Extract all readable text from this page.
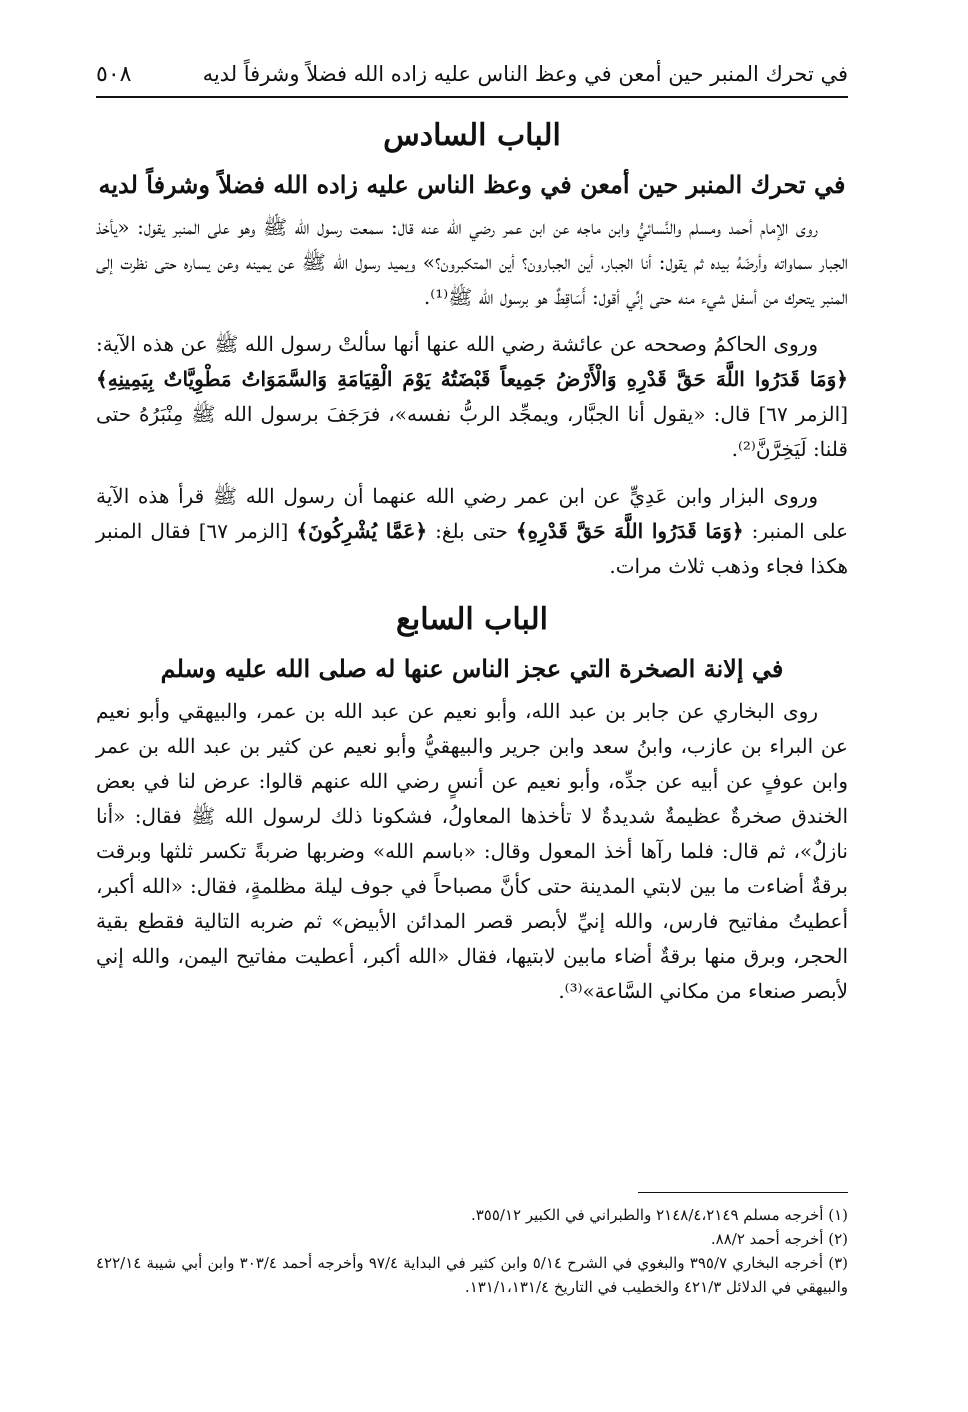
في تحرك المنبر حين أمعن في وعظ الناس عليه زاده الله فضلاً وشرفاً لديه
٥٠٨
الباب السادس
في تحرك المنبر حين أمعن في وعظ الناس عليه زاده الله فضلاً وشرفاً لديه

روى الإمام أحمد ومسلم والنَّسائيُّ وابن ماجه عن ابن عمر رضي الله عنه قال: سمعت رسول الله ﷺ وهو على المنبر يقول: «يأخذ الجبار سماواته وأرضَهُ بيده ثم يقول: أنا الجبار، أين الجبارون؟ أين المتكبرون؟» ويميد رسول الله ﷺ عن يمينه وعن يساره حتى نظرت إلى المنبر يتحرك من أسفل شيء منه حتى إنِّي أقول: أَسَاقِطٌ هو برسول الله ﷺ⁽¹⁾.

وروى الحاكمُ وصححه عن عائشة رضي الله عنها أنها سألتْ رسول الله ﷺ عن هذه الآية: ﴿وَمَا قَدَرُوا اللَّهَ حَقَّ قَدْرِهِ وَالْأَرْضُ جَمِيعاً قَبْضَتُهُ يَوْمَ الْقِيَامَةِ وَالسَّمَوَاتُ مَطْوِيَّاتٌ بِيَمِينِهِ﴾ [الزمر ٦٧] قال: «يقول أنا الجبَّار، ويمجِّد الربُّ نفسه»، فرَجَفَ برسول الله ﷺ مِنْبَرُهُ حتى قلنا: لَيَخِرَّنَّ⁽²⁾.

وروى البزار وابن عَدِيٍّ عن ابن عمر رضي الله عنهما أن رسول الله ﷺ قرأ هذه الآية على المنبر: ﴿وَمَا قَدَرُوا اللَّهَ حَقَّ قَدْرِهِ﴾ حتى بلغ: ﴿عَمَّا يُشْرِكُونَ﴾ [الزمر ٦٧] فقال المنبر هكذا فجاء وذهب ثلاث مرات.

الباب السابع
في إلانة الصخرة التي عجز الناس عنها له صلى الله عليه وسلم

روى البخاري عن جابر بن عبد الله، وأبو نعيم عن عبد الله بن عمر، والبيهقي وأبو نعيم عن البراء بن عازب، وابنُ سعد وابن جرير والبيهقيُّ وأبو نعيم عن كثير بن عبد الله بن عمر وابن عوفٍ عن أبيه عن جدِّه، وأبو نعيم عن أنسٍ رضي الله عنهم قالوا: عرض لنا في بعض الخندق صخرةٌ عظيمةٌ شديدةٌ لا تأخذها المعاولُ، فشكونا ذلك لرسول الله ﷺ فقال: «أنا نازلٌ»، ثم قال: فلما رآها أخذ المعول وقال: «باسم الله» وضربها ضربةً تكسر ثلثها وبرقت برقةٌ أضاءت ما بين لابتي المدينة حتى كأنَّ مصباحاً في جوف ليلة مظلمةٍ، فقال: «الله أكبر، أعطيتُ مفاتيح فارس، والله إنيِّ لأبصر قصر المدائن الأبيض» ثم ضربه التالية فقطع بقية الحجر، وبرق منها برقةٌ أضاء مابين لابتيها، فقال «الله أكبر، أعطيت مفاتيح اليمن، والله إني لأبصر صنعاء من مكاني السَّاعة»⁽³⁾.

(١) أخرجه مسلم ٢١٤٨/٤،٢١٤٩ والطبراني في الكبير ٣٥٥/١٢.

(٢) أخرجه أحمد ٨٨/٢.

(٣) أخرجه البخاري ٣٩٥/٧ والبغوي في الشرح ٥/١٤ وابن كثير في البداية ٩٧/٤ وأخرجه أحمد ٣٠٣/٤ وابن أبي شيبة ٤٢٢/١٤ والبيهقي في الدلائل ٤٢١/٣ والخطيب في التاريخ ١٣١/١،١٣١/٤.
